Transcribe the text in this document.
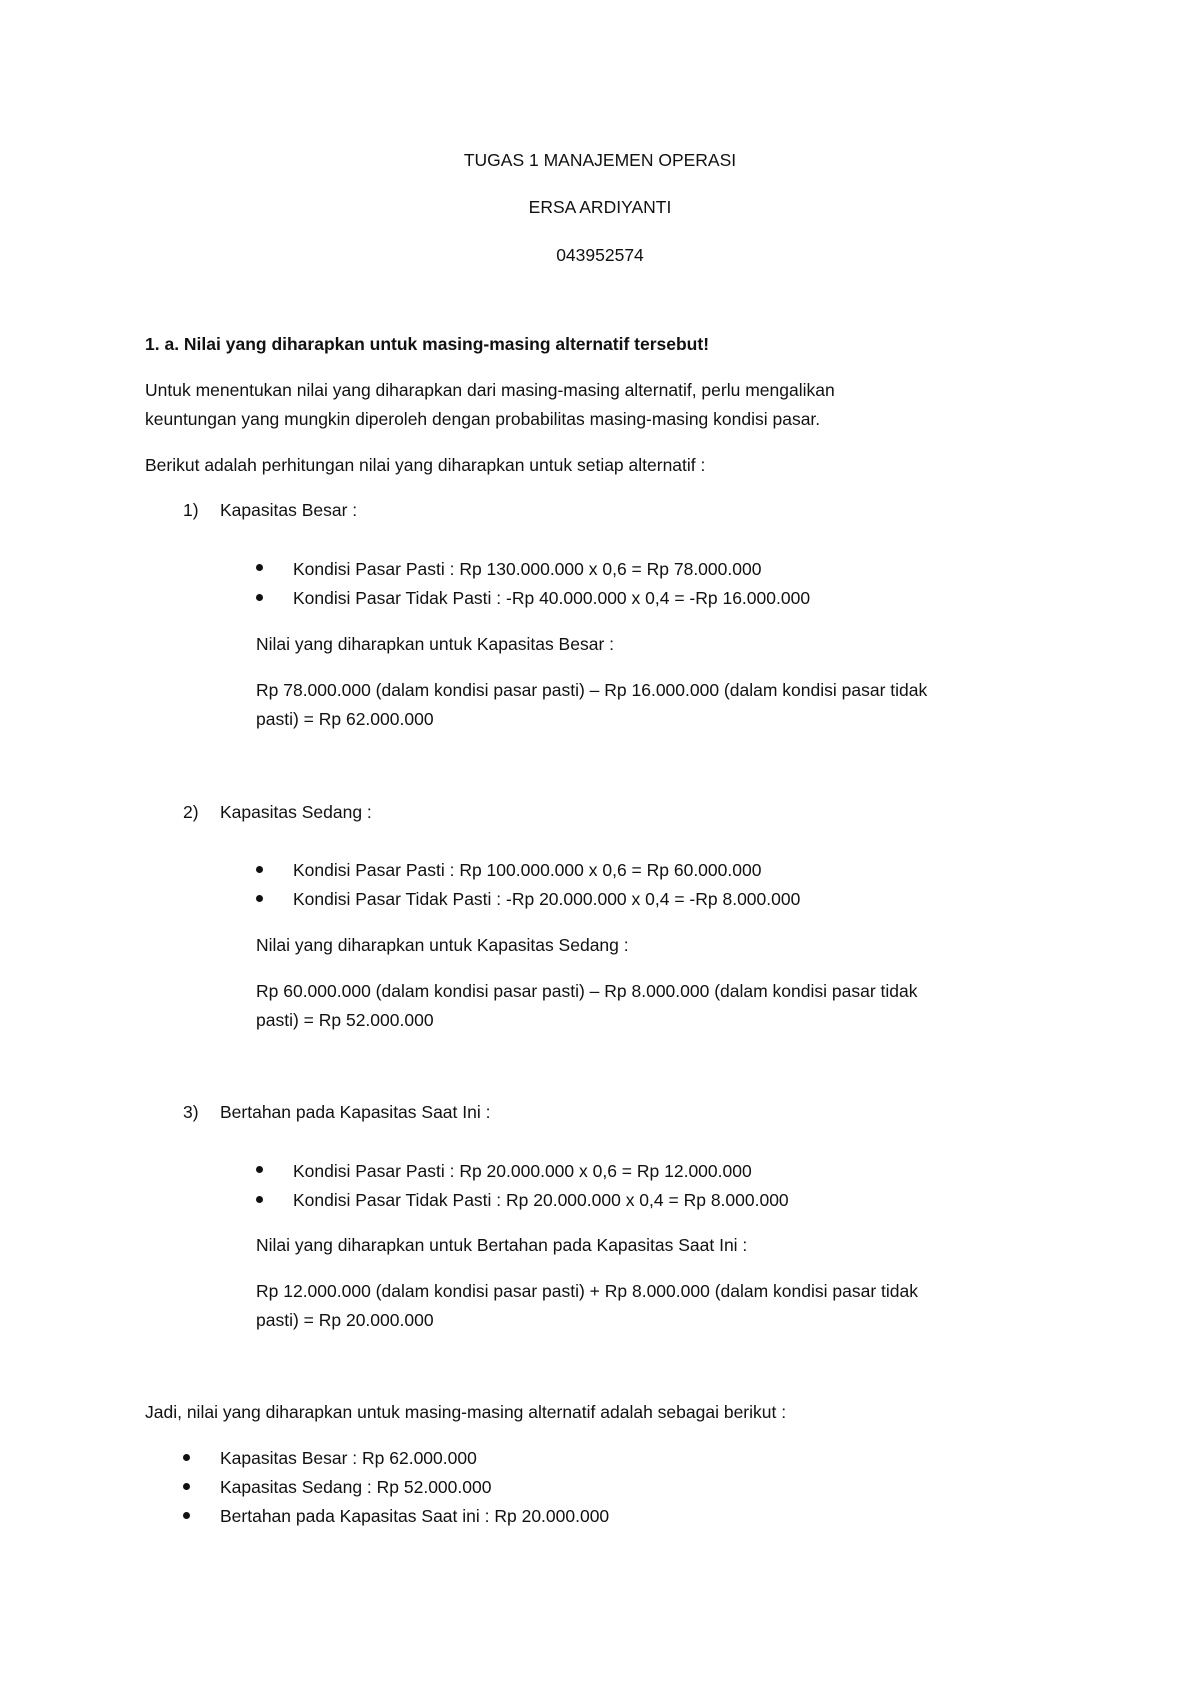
TUGAS 1 MANAJEMEN OPERASI
ERSA ARDIYANTI
043952574
1. a. Nilai yang diharapkan untuk masing-masing alternatif tersebut!
Untuk menentukan nilai yang diharapkan dari masing-masing alternatif, perlu mengalikan
keuntungan yang mungkin diperoleh dengan probabilitas masing-masing kondisi pasar.
Berikut adalah perhitungan nilai yang diharapkan untuk setiap alternatif :
1) Kapasitas Besar :
Kondisi Pasar Pasti : Rp 130.000.000 x 0,6 = Rp 78.000.000
Kondisi Pasar Tidak Pasti : -Rp 40.000.000 x 0,4 = -Rp 16.000.000
Nilai yang diharapkan untuk Kapasitas Besar :
Rp 78.000.000 (dalam kondisi pasar pasti) – Rp 16.000.000 (dalam kondisi pasar tidak
pasti) = Rp 62.000.000
2) Kapasitas Sedang :
Kondisi Pasar Pasti : Rp 100.000.000 x 0,6 = Rp 60.000.000
Kondisi Pasar Tidak Pasti : -Rp 20.000.000 x 0,4 = -Rp 8.000.000
Nilai yang diharapkan untuk Kapasitas Sedang :
Rp 60.000.000 (dalam kondisi pasar pasti) – Rp 8.000.000 (dalam kondisi pasar tidak
pasti) = Rp 52.000.000
3) Bertahan pada Kapasitas Saat Ini :
Kondisi Pasar Pasti : Rp 20.000.000 x 0,6 = Rp 12.000.000
Kondisi Pasar Tidak Pasti : Rp 20.000.000 x 0,4 = Rp 8.000.000
Nilai yang diharapkan untuk Bertahan pada Kapasitas Saat Ini :
Rp 12.000.000 (dalam kondisi pasar pasti) + Rp 8.000.000 (dalam kondisi pasar tidak
pasti) = Rp 20.000.000
Jadi, nilai yang diharapkan untuk masing-masing alternatif adalah sebagai berikut :
Kapasitas Besar : Rp 62.000.000
Kapasitas Sedang : Rp 52.000.000
Bertahan pada Kapasitas Saat ini : Rp 20.000.000
